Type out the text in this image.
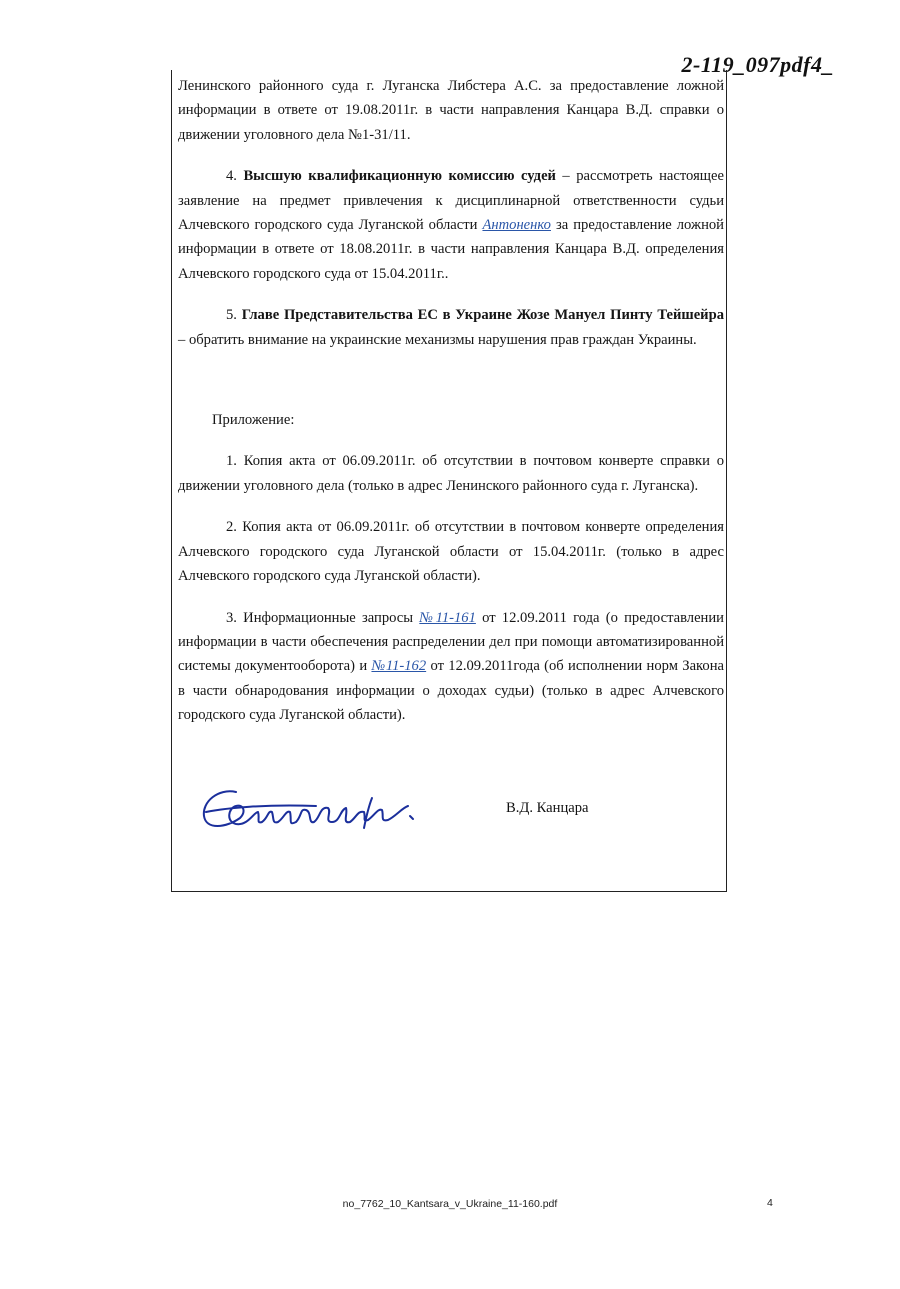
2-119_097pdf4_

Ленинского районного суда г. Луганска Либстера А.С. за предоставление ложной информации в ответе от 19.08.2011г. в части направления Канцара В.Д. справки о движении уголовного дела №1-31/11.

4. Высшую квалификационную комиссию судей – рассмотреть настоящее заявление на предмет привлечения к дисциплинарной ответственности судьи Алчевского городского суда Луганской области Антоненко за предоставление ложной информации в ответе от 18.08.2011г. в части направления Канцара В.Д. определения Алчевского городского суда от 15.04.2011г..

5. Главе Представительства ЕС в Украине Жозе Мануел Пинту Тейшейра – обратить внимание на украинские механизмы нарушения прав граждан Украины.

Приложение:

1. Копия акта от 06.09.2011г. об отсутствии в почтовом конверте справки о движении уголовного дела (только в адрес Ленинского районного суда г. Луганска).

2. Копия акта от 06.09.2011г. об отсутствии в почтовом конверте определения Алчевского городского суда Луганской области от 15.04.2011г. (только в адрес Алчевского городского суда Луганской области).

3. Информационные запросы №11-161 от 12.09.2011 года (о предоставлении информации в части обеспечения распределении дел при помощи автоматизированной системы документооборота) и №11-162 от 12.09.2011года (об исполнении норм Закона в части обнародования информации о доходах судьи) (только в адрес Алчевского городского суда Луганской области).

В.Д. Канцара
no_7762_10_Kantsara_v_Ukraine_11-160.pdf	4
